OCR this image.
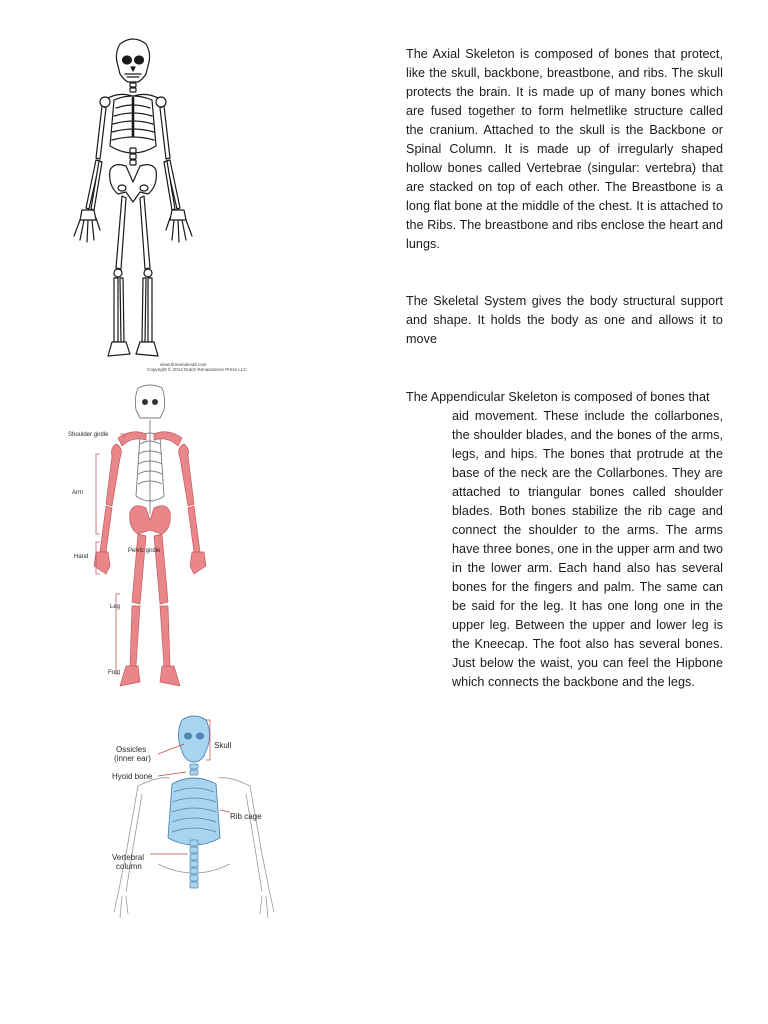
The Axial Skeleton is composed of bones that protect, like the skull, backbone, breastbone, and ribs. The skull protects the brain. It is made up of many bones which are fused together to form helmetlike structure called the cranium. Attached to the skull is the Backbone or Spinal Column. It is made up of irregularly shaped hollow bones called Vertebrae (singular: vertebra) that are stacked on top of each other. The Breastbone is a long flat bone at the middle of the chest. It is attached to the Ribs. The breastbone and ribs enclose the heart and lungs.

The Skeletal System gives the body structural support and shape. It holds the body as one and allows it to move

The Appendicular Skeleton is composed of bones that
aid movement. These include the collarbones, the shoulder blades, and the bones of the arms, legs, and hips. The bones that protrude at the base of the neck are the Collarbones. They are attached to triangular bones called shoulder blades. Both bones stabilize the rib cage and connect the shoulder to the arms. The arms have three bones, one in the upper arm and two in the lower arm. Each hand also has several bones for the fingers and palm. The same can be said for the leg. It has one long one in the upper leg. Between the upper and lower leg is the Kneecap. The foot also has several bones. Just below the waist, you can feel the Hipbone which connects the backbone and the legs.

www.timvandevall.com
Copyright © 2014 Dutch Renaissance Press LLC
Shoulder girdle
Arm
Hand
Pelvic girdle
Leg
Foot
Ossicles
(inner ear)
Hyoid bone
Skull
Rib cage
Vertebral
column
